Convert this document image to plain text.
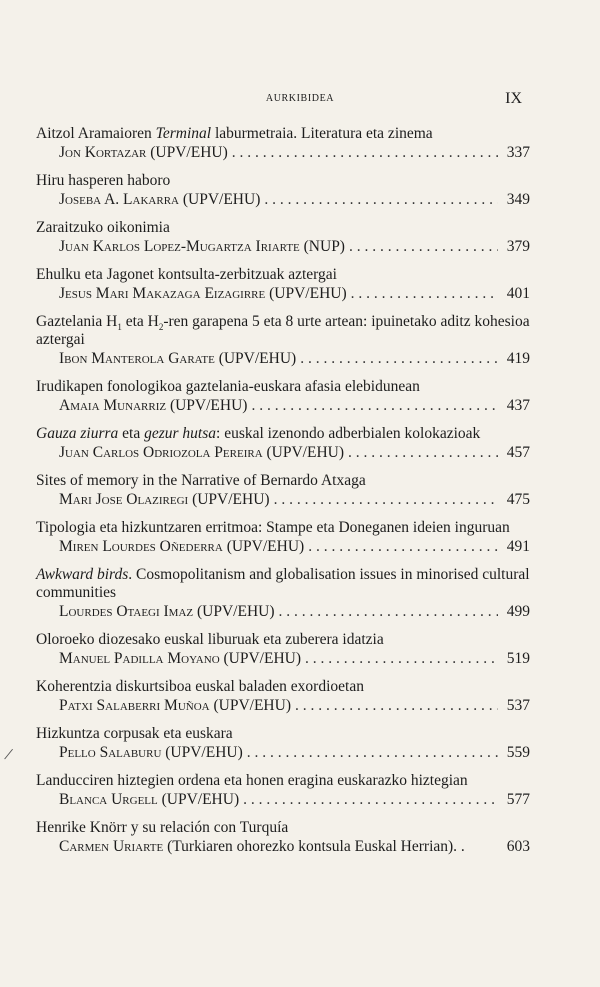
AURKIBIDEA	IX
Aitzol Aramaioren Terminal laburmetraia. Literatura eta zinema
Jon Kortazar (UPV/EHU) . . .	337
Hiru hasperen haboro
Joseba A. Lakarra (UPV/EHU) . . .	349
Zaraitzuko oikonimia
Juan Karlos Lopez-Mugartza Iriarte (NUP) . . .	379
Ehulku eta Jagonet kontsulta-zerbitzuak aztergai
Jesus Mari Makazaga Eizagirre (UPV/EHU) . . .	401
Gaztelania $H_1$ eta $H_2$-ren garapena 5 eta 8 urte artean: ipuinetako aditz kohesioa aztergai
Ibon Manterola Garate (UPV/EHU) . . .	419
Irudikapen fonologikoa gaztelania-euskara afasia elebidunean
Amaia Munarriz (UPV/EHU) . . .	437
Gauza ziurra eta gezur hutsa: euskal izenondo adberbialen kolokazioak
Juan Carlos Odriozola Pereira (UPV/EHU) . . .	457
Sites of memory in the Narrative of Bernardo Atxaga
Mari Jose Olaziregi (UPV/EHU) . . .	475
Tipologia eta hizkuntzaren erritmoa: Stampe eta Doneganen ideien inguruan
Miren Lourdes Oñederra (UPV/EHU) . . .	491
Awkward birds. Cosmopolitanism and globalisation issues in minorised cultural communities
Lourdes Otaegi Imaz (UPV/EHU) . . .	499
Oloroeko diozesako euskal liburuak eta zuberera idatzia
Manuel Padilla Moyano (UPV/EHU) . . .	519
Koherentzia diskurtsiboa euskal baladen exordioetan
Patxi Salaberri Muñoa (UPV/EHU) . . .	537
Hizkuntza corpusak eta euskara
Pello Salaburu (UPV/EHU) . . .	559
Landucciren hiztegien ordena eta honen eragina euskarazko hiztegian
Blanca Urgell (UPV/EHU) . . .	577
Henrike Knörr y su relación con Turquía
Carmen Uriarte (Turkiaren ohorezko kontsula Euskal Herrian). .	603
/
